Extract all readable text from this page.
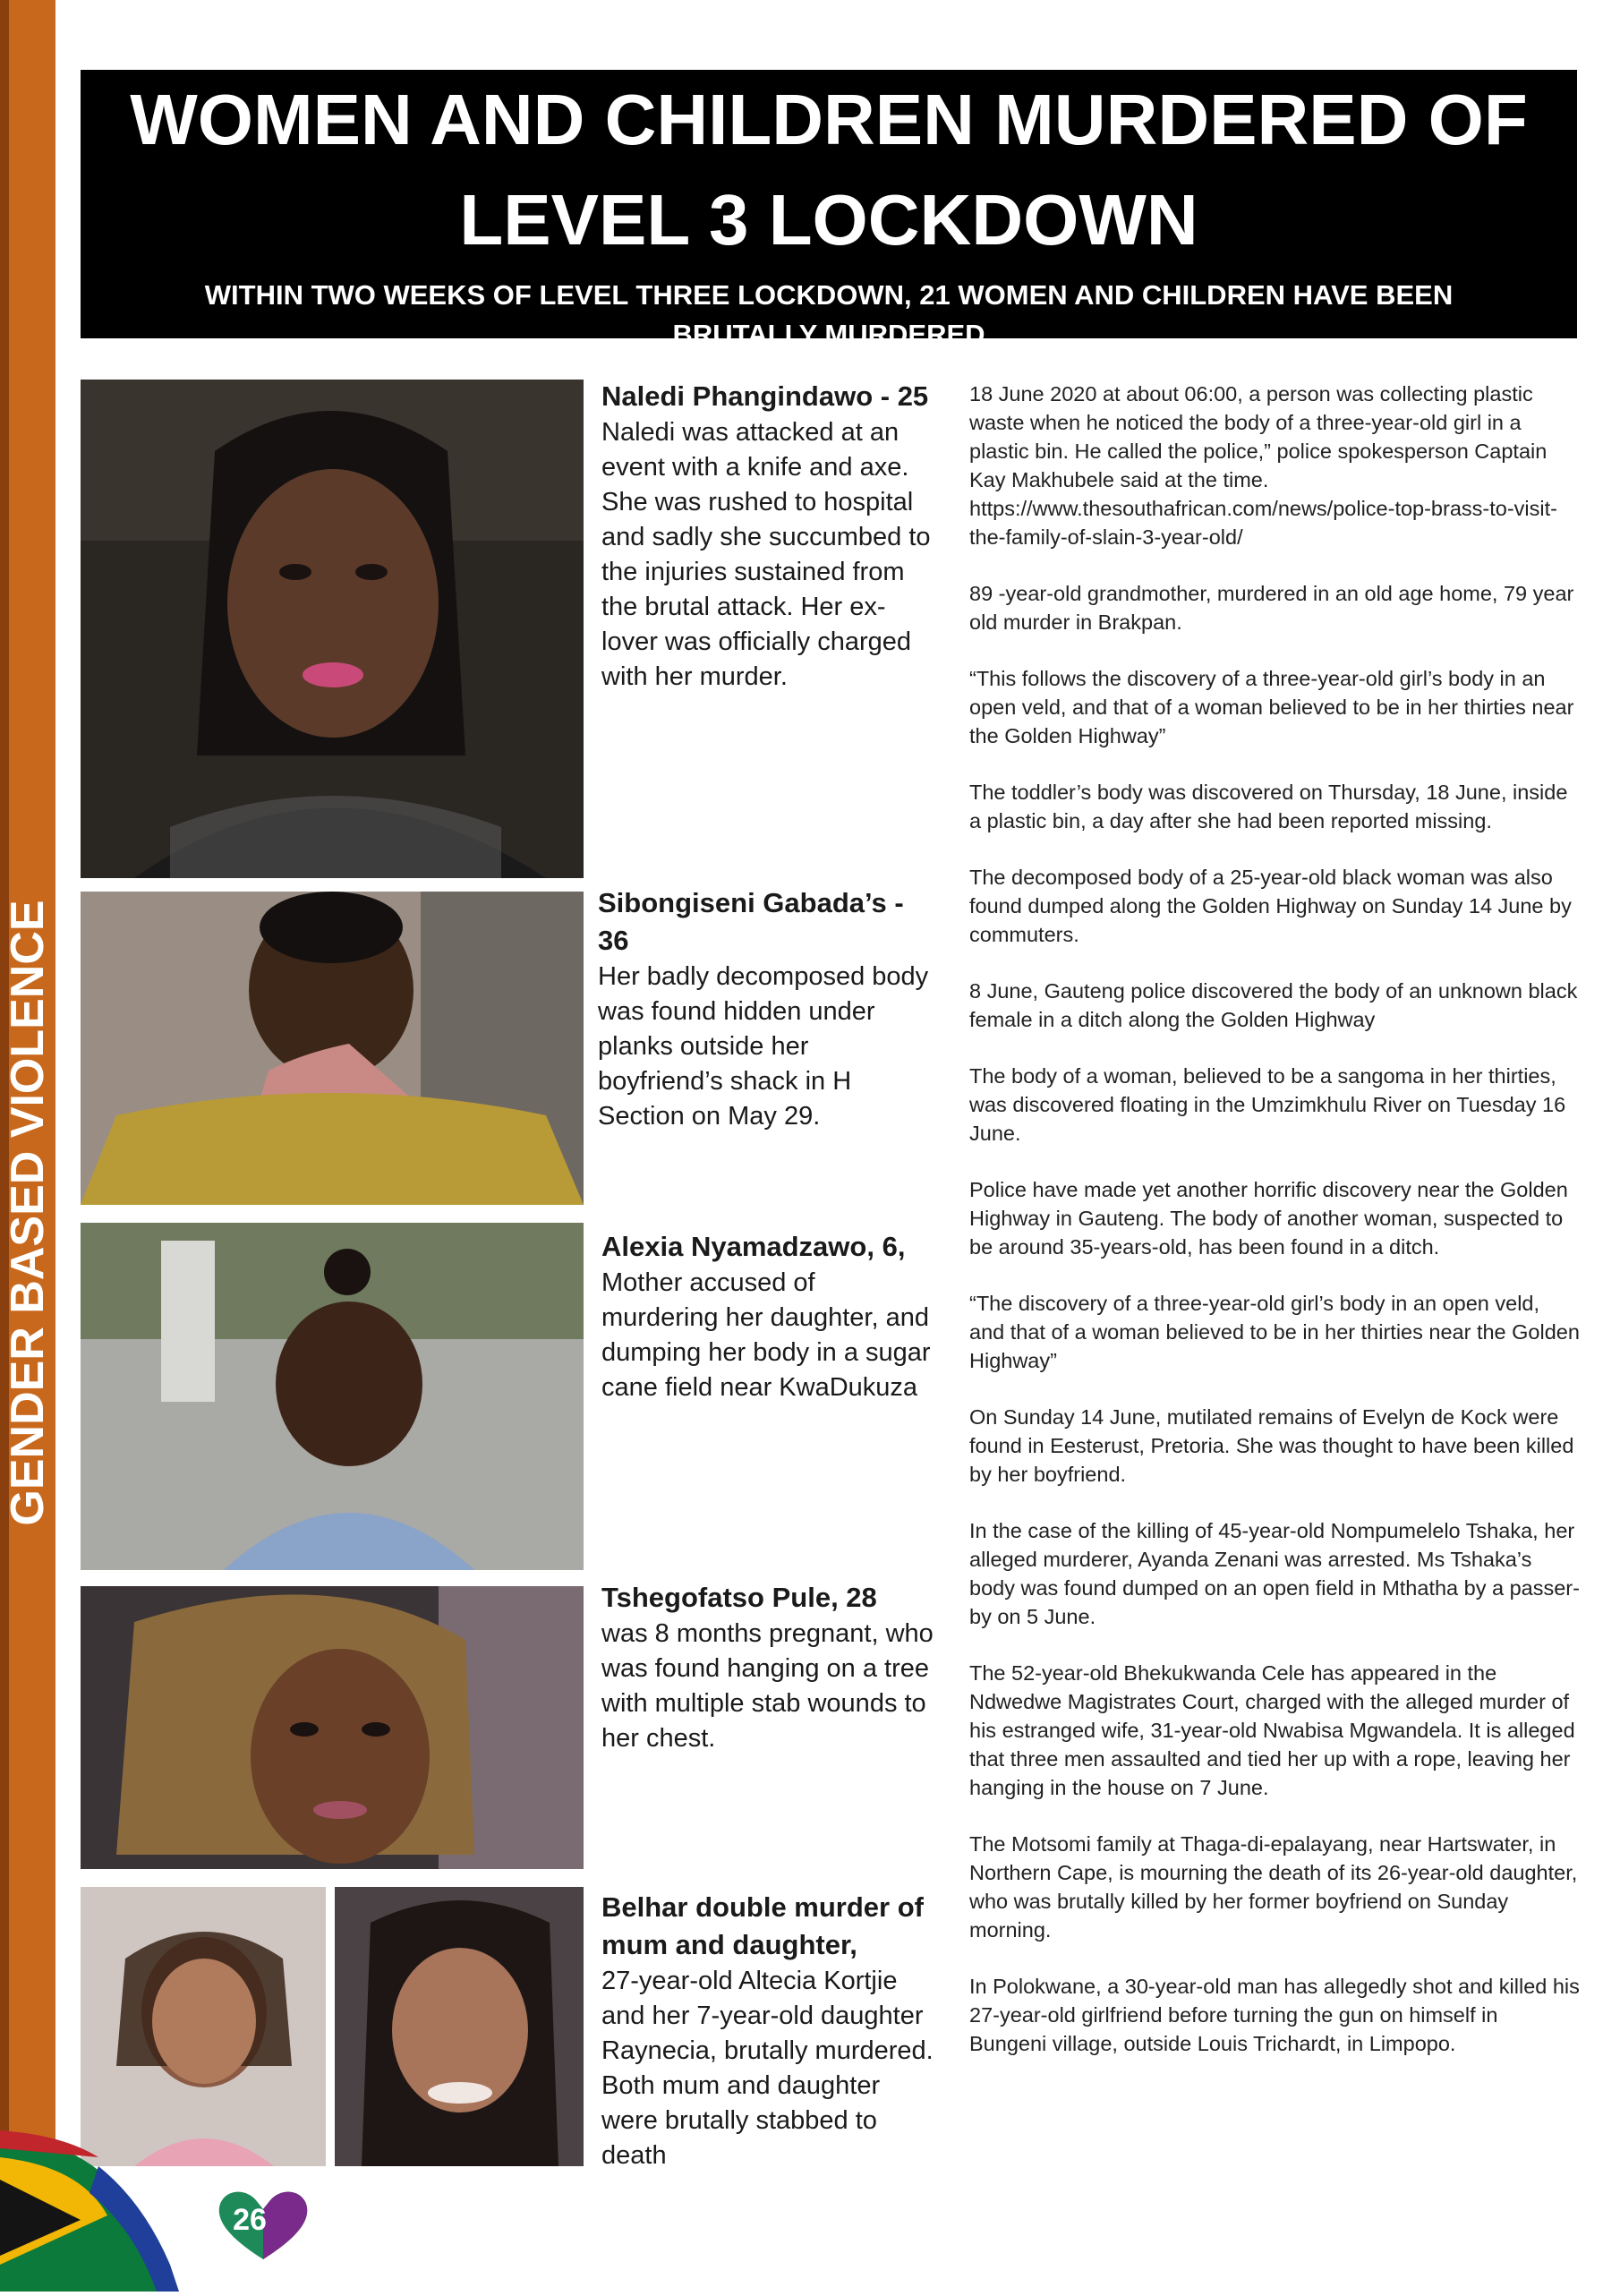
GENDER BASED VIOLENCE
WOMEN AND CHILDREN MURDERED OF LEVEL 3 LOCKDOWN
WITHIN TWO WEEKS OF LEVEL THREE LOCKDOWN, 21 WOMEN AND CHILDREN HAVE BEEN BRUTALLY MURDERED
Naledi Phangindawo - 25
Naledi was attacked at an event with a knife and axe. She was rushed to hospital and sadly she succumbed to the injuries sustained from the brutal attack. Her ex-lover was officially charged with her murder.
Sibongiseni Gabada’s - 36
Her badly decomposed body was found hidden under planks outside her boyfriend’s shack in H Section on May 29.
Alexia Nyamadzawo, 6,
Mother accused of murdering her daughter, and dumping her body in a sugar cane field near KwaDukuza
Tshegofatso Pule, 28
was 8 months pregnant, who was found hanging on a tree with multiple stab wounds to her chest.
Belhar double murder of mum and daughter,
27-year-old Altecia Kortjie and her 7-year-old daughter Raynecia, brutally murdered. Both mum and daughter were brutally stabbed to death

18 June 2020 at about 06:00, a person was collecting plastic waste when he noticed the body of a three-year-old girl in a plastic bin. He called the police,” police spokesperson Captain Kay Makhubele said at the time. https://www.thesouthafrican.com/news/police-top-brass-to-visit-the-family-of-slain-3-year-old/

89 -year-old grandmother, murdered in an old age home, 79 year old murder in Brakpan.

“This follows the discovery of a three-year-old girl’s body in an open veld, and that of a woman believed to be in her thirties near the Golden Highway”

The toddler’s body was discovered on Thursday, 18 June, inside a plastic bin, a day after she had been reported missing.

The decomposed body of a 25-year-old black woman was also found dumped along the Golden Highway on Sunday 14 June by commuters.

8 June, Gauteng police discovered the body of an unknown black female in a ditch along the Golden Highway

The body of a woman, believed to be a sangoma in her thirties, was discovered floating in the Umzimkhulu River on Tuesday 16 June.

Police have made yet another horrific discovery near the Golden Highway in Gauteng. The body of another woman, suspected to be around 35-years-old, has been found in a ditch.

“The discovery of a three-year-old girl’s body in an open veld, and that of a woman believed to be in her thirties near the Golden Highway”

On Sunday 14 June, mutilated remains of Evelyn de Kock were found in Eesterust, Pretoria. She was thought to have been killed by her boyfriend.

In the case of the killing of 45-year-old Nompumelelo Tshaka, her alleged murderer, Ayanda Zenani was arrested. Ms Tshaka’s body was found dumped on an open field in Mthatha by a passer-by on 5 June.

The 52-year-old Bhekukwanda Cele has appeared in the Ndwedwe Magistrates Court, charged with the alleged murder of his estranged wife, 31-year-old Nwabisa Mgwandela. It is alleged that three men assaulted and tied her up with a rope, leaving her hanging in the house on 7 June.

The Motsomi family at Thaga-di-epalayang, near Hartswater, in Northern Cape, is mourning the death of its 26-year-old daughter, who was brutally killed by her former boyfriend on Sunday morning.

In Polokwane, a 30-year-old man has allegedly shot and killed his 27-year-old girlfriend before turning the gun on himself in Bungeni village, outside Louis Trichardt, in Limpopo.

26
